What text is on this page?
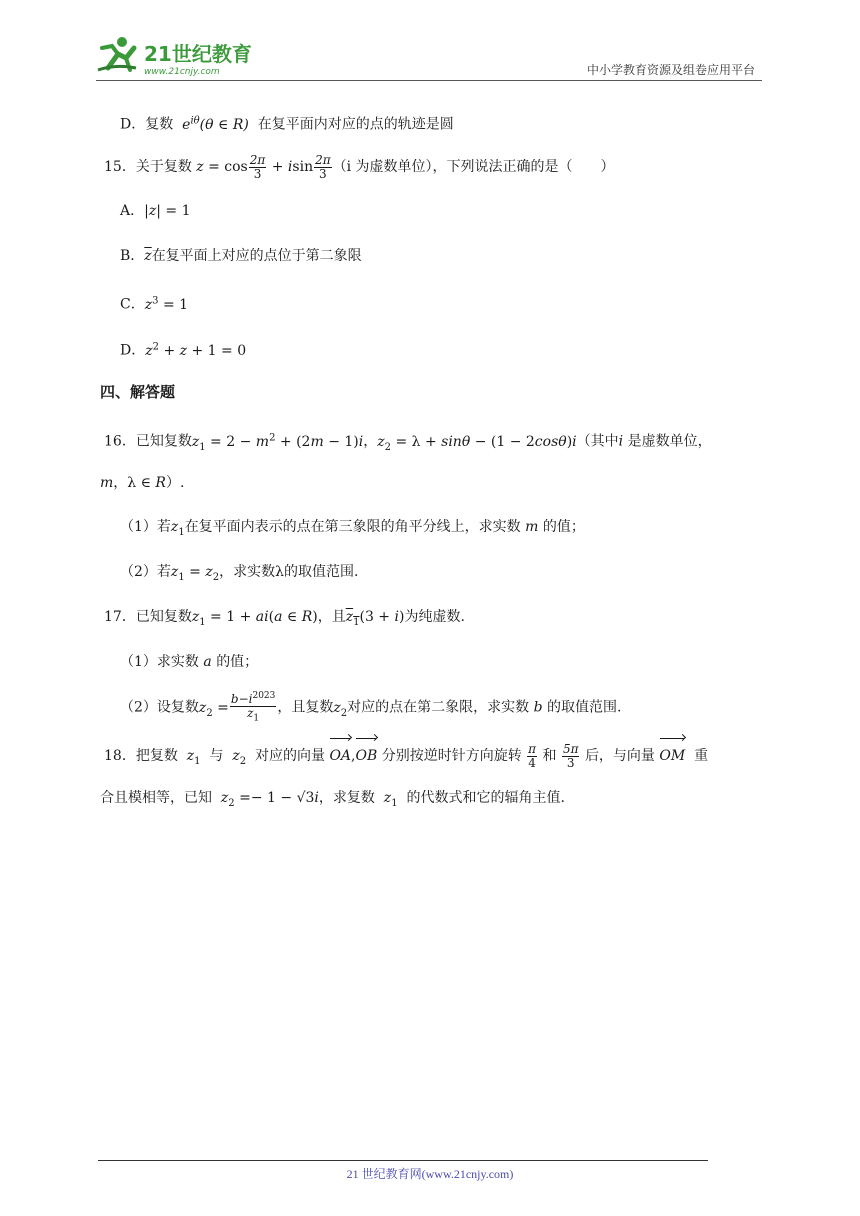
21世纪教育
www.21cnjy.com	中小学教育资源及组卷应用平台
D．复数 $e^{i\theta}(\theta$ ∈ R) 在复平面内对应的点的轨迹是圆
15．关于复数 $z = \cos \frac{2\pi}{3} + isin \frac{2\pi}{3} (i$ 为虚数单位），下列说法正确的是（　　）
A．|z| = 1
B．$\overline{z}$在复平面上对应的点位于第二象限
C．$z^3 = 1$
D．$z^2 + z + 1 = 0$
四、解答题
16．已知复数$z_1 = 2 - m^2 + (2m - 1)i$，$z_2 = \lambda + \sin\theta - (1 - 2\cos\theta)i$（其中i 是虚数单位，
m，λ ∈ R）.
（1）若$z_1$在复平面内表示的点在第三象限的角平分线上，求实数 m 的值；
（2）若$z_1 = z_2$，求实数λ的取值范围.
17．已知复数$z_1 = 1 + ai(a$ ∈ R)，且$z_1(3 + i)$为纯虚数.
（1）求实数 a 的值；
（2）设复数$z_2 = \frac{b-i^{2023}}{z_1}$ ，且复数$z_2$对应的点在第二象限，求实数 b 的取值范围.
18．把复数 $z_1$ 与 $z_2$ 对应的向量 OA,OB 分别按逆时针方向旋转 $\frac{\pi}{4}$ 和 $\frac{5\pi}{3}$ 后，与向量 OM 重
合且模相等，已知 $z_2 =- 1 - √3i$，求复数 $z_1$ 的代数式和它的辐角主值.
21 世纪教育网(www.21cnjy.com)
